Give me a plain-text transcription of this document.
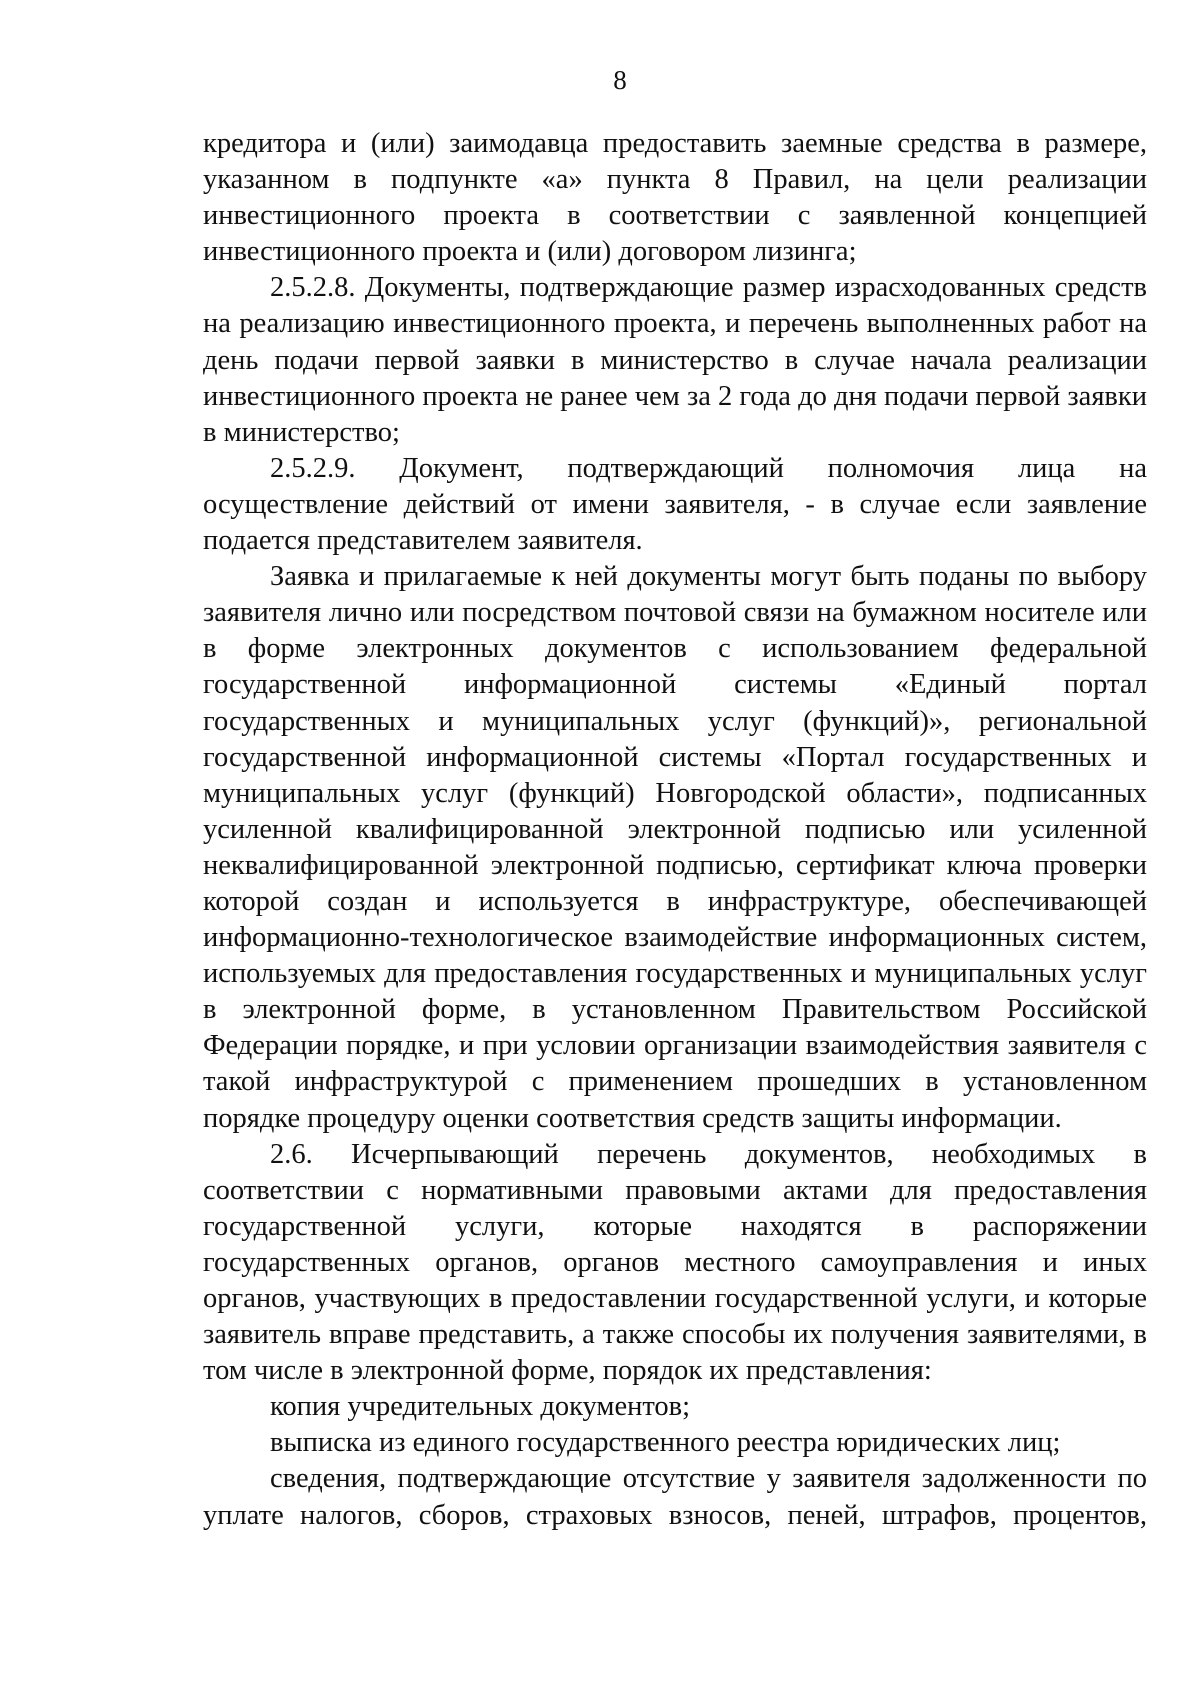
8

кредитора и (или) заимодавца предоставить заемные средства в размере, указанном в подпункте «а» пункта 8 Правил, на цели реализации инвестиционного проекта в соответствии с заявленной концепцией инвестиционного проекта и (или) договором лизинга;

2.5.2.8. Документы, подтверждающие размер израсходованных средств на реализацию инвестиционного проекта, и перечень выполненных работ на день подачи первой заявки в министерство в случае начала реализации инвестиционного проекта не ранее чем за 2 года до дня подачи первой заявки в министерство;

2.5.2.9. Документ, подтверждающий полномочия лица на осуществление действий от имени заявителя, - в случае если заявление подается представителем заявителя.

Заявка и прилагаемые к ней документы могут быть поданы по выбору заявителя лично или посредством почтовой связи на бумажном носителе или в форме электронных документов с использованием федеральной государственной информационной системы «Единый портал государственных и муниципальных услуг (функций)», региональной государственной информационной системы «Портал государственных и муниципальных услуг (функций) Новгородской области», подписанных усиленной квалифицированной электронной подписью или усиленной неквалифицированной электронной подписью, сертификат ключа проверки которой создан и используется в инфраструктуре, обеспечивающей информационно-технологическое взаимодействие информационных систем, используемых для предоставления государственных и муниципальных услуг в электронной форме, в установленном Правительством Российской Федерации порядке, и при условии организации взаимодействия заявителя с такой инфраструктурой с применением прошедших в установленном порядке процедуру оценки соответствия средств защиты информации.

2.6. Исчерпывающий перечень документов, необходимых в соответствии с нормативными правовыми актами для предоставления государственной услуги, которые находятся в распоряжении государственных органов, органов местного самоуправления и иных органов, участвующих в предоставлении государственной услуги, и которые заявитель вправе представить, а также способы их получения заявителями, в том числе в электронной форме, порядок их представления:

копия учредительных документов;

выписка из единого государственного реестра юридических лиц;

сведения, подтверждающие отсутствие у заявителя задолженности по уплате налогов, сборов, страховых взносов, пеней, штрафов, процентов,
